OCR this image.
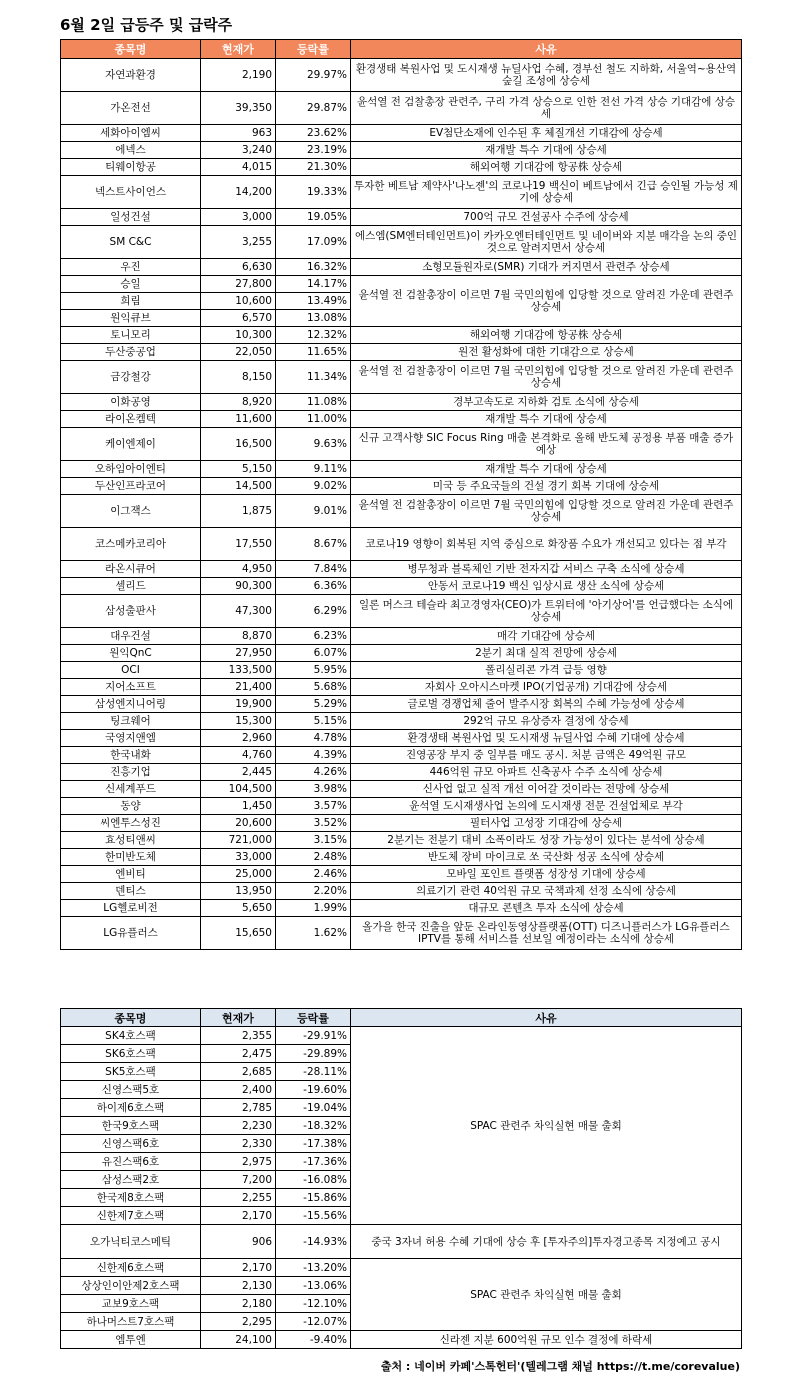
6월 2일 급등주 및 급락주
종목명	현재가	등락률	사유
자연과환경	2,190	29.97%	환경생태 복원사업 및 도시재생 뉴딜사업 수혜, 경부선 철도 지하화, 서울역~용산역 숲길 조성에 상승세
가온전선	39,350	29.87%	윤석열 전 검찰총장 관련주, 구리 가격 상승으로 인한 전선 가격 상승 기대감에 상승세
세화아이엠씨	963	23.62%	EV첨단소재에 인수된 후 체질개선 기대감에 상승세
에넥스	3,240	23.19%	재개발 특수 기대에 상승세
티웨이항공	4,015	21.30%	해외여행 기대감에 항공株 상승세
넥스트사이언스	14,200	19.33%	투자한 베트남 제약사'나노젠'의 코로나19 백신이 베트남에서 긴급 승인될 가능성 제기에 상승세
일성건설	3,000	19.05%	700억 규모 건설공사 수주에 상승세
SM C&C	3,255	17.09%	에스엠(SM엔터테인먼트)이 카카오엔터테인먼트 및 네이버와 지분 매각을 논의 중인 것으로 알려지면서 상승세
우진	6,630	16.32%	소형모듈원자로(SMR) 기대가 커지면서 관련주 상승세
승일	27,800	14.17%	윤석열 전 검찰총장이 이르면 7월 국민의힘에 입당할 것으로 알려진 가운데 관련주 상승세
희림	10,600	13.49%	
원익큐브	6,570	13.08%	
토니모리	10,300	12.32%	해외여행 기대감에 항공株 상승세
두산중공업	22,050	11.65%	원전 활성화에 대한 기대감으로 상승세
금강철강	8,150	11.34%	윤석열 전 검찰총장이 이르면 7월 국민의힘에 입당할 것으로 알려진 가운데 관련주 상승세
이화공영	8,920	11.08%	경부고속도로 지하화 검토 소식에 상승세
라이온켐텍	11,600	11.00%	재개발 특수 기대에 상승세
케이엔제이	16,500	9.63%	신규 고객사향 SIC Focus Ring 매출 본격화로 올해 반도체 공정용 부품 매출 증가 예상
오하임아이엔티	5,150	9.11%	재개발 특수 기대에 상승세
두산인프라코어	14,500	9.02%	미국 등 주요국들의 건설 경기 회복 기대에 상승세
이그잭스	1,875	9.01%	윤석열 전 검찰총장이 이르면 7월 국민의힘에 입당할 것으로 알려진 가운데 관련주 상승세
코스메카코리아	17,550	8.67%	코로나19 영향이 회복된 지역 중심으로 화장품 수요가 개선되고 있다는 점 부각
라온시큐어	4,950	7.84%	병무청과 블록체인 기반 전자지갑 서비스 구축 소식에 상승세
셀리드	90,300	6.36%	안동서 코로나19 백신 임상시료 생산 소식에 상승세
삼성출판사	47,300	6.29%	일론 머스크 테슬라 최고경영자(CEO)가 트위터에 '아기상어'를 언급했다는 소식에 상승세
대우건설	8,870	6.23%	매각 기대감에 상승세
원익QnC	27,950	6.07%	2분기 최대 실적 전망에 상승세
OCI	133,500	5.95%	폴리실리콘 가격 급등 영향
지어소프트	21,400	5.68%	자회사 오아시스마켓 IPO(기업공개) 기대감에 상승세
삼성엔지니어링	19,900	5.29%	글로벌 경쟁업체 줄어 발주시장 회복의 수혜 가능성에 상승세
팅크웨어	15,300	5.15%	292억 규모 유상증자 결정에 상승세
국영지앤엠	2,960	4.78%	환경생태 복원사업 및 도시재생 뉴딜사업 수혜 기대에 상승세
한국내화	4,760	4.39%	진영공장 부지 중 일부를 매도 공시. 처분 금액은 49억원 규모
진흥기업	2,445	4.26%	446억원 규모 아파트 신축공사 수주 소식에 상승세
신세계푸드	104,500	3.98%	신사업 없고 실적 개선 이어갈 것이라는 전망에 상승세
동양	1,450	3.57%	윤석열 도시재생사업 논의에 도시재생 전문 건설업체로 부각
씨엔투스성진	20,600	3.52%	필터사업 고성장 기대감에 상승세
효성티앤씨	721,000	3.15%	2분기는 전분기 대비 소폭이라도 성장 가능성이 있다는 분석에 상승세
한미반도체	33,000	2.48%	반도체 장비 마이크로 쏘 국산화 성공 소식에 상승세
엔비티	25,000	2.46%	모바일 포인트 플랫폼 성장성 기대에 상승세
덴티스	13,950	2.20%	의료기기 관련 40억원 규모 국책과제 선정 소식에 상승세
LG헬로비전	5,650	1.99%	대규모 콘텐츠 투자 소식에 상승세
LG유플러스	15,650	1.62%	올가을 한국 진출을 앞둔 온라인동영상플랫폼(OTT) 디즈니플러스가 LG유플러스 IPTV를 통해 서비스를 선보일 예정이라는 소식에 상승세
종목명	현재가	등락률	사유
SK4호스팩	2,355	-29.91%	SPAC 관련주 차익실현 매물 출회
SK6호스팩	2,475	-29.89%	
SK5호스팩	2,685	-28.11%	
신영스팩5호	2,400	-19.60%	
하이제6호스팩	2,785	-19.04%	
한국9호스팩	2,230	-18.32%	
신영스팩6호	2,330	-17.38%	
유진스팩6호	2,975	-17.36%	
삼성스팩2호	7,200	-16.08%	
한국제8호스팩	2,255	-15.86%	
신한제7호스팩	2,170	-15.56%	
오가닉티코스메틱	906	-14.93%	중국 3자녀 허용 수혜 기대에 상승 후 [투자주의]투자경고종목 지정예고 공시
신한제6호스팩	2,170	-13.20%	SPAC 관련주 차익실현 매물 출회
상상인이안제2호스팩	2,130	-13.06%	
교보9호스팩	2,180	-12.10%	
하나머스트7호스팩	2,295	-12.07%	
엠투엔	24,100	-9.40%	신라젠 지분 600억원 규모 인수 결정에 하락세
출처 : 네이버 카페'스톡헌터'(텔레그램 채널 https://t.me/corevalue)
